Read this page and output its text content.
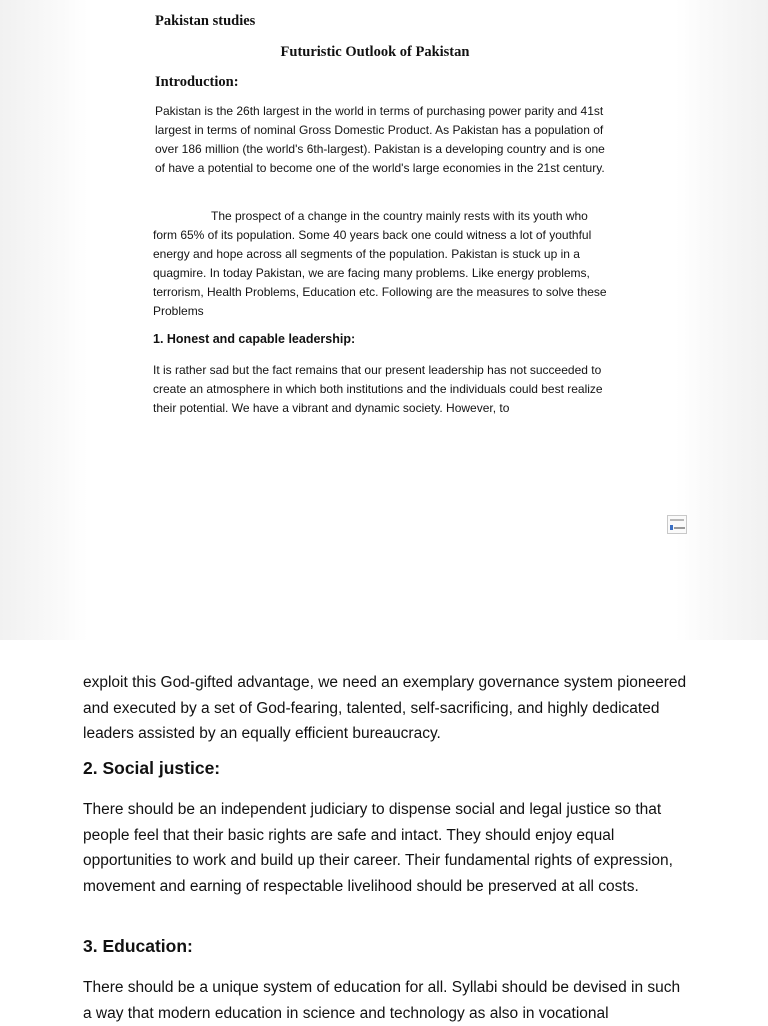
Pakistan studies

Futuristic Outlook of Pakistan
Introduction:

Pakistan is the 26th largest in the world in terms of purchasing power parity and 41st largest in terms of nominal Gross Domestic Product. As Pakistan has a population of over 186 million (the world's 6th-largest). Pakistan is a developing country and is one of have a potential to become one of the world's large economies in the 21st century.

The prospect of a change in the country mainly rests with its youth who form 65% of its population. Some 40 years back one could witness a lot of youthful energy and hope across all segments of the population. Pakistan is stuck up in a quagmire. In today Pakistan, we are facing many problems. Like energy problems, terrorism, Health Problems, Education etc. Following are the measures to solve these Problems

1. Honest and capable leadership:

It is rather sad but the fact remains that our present leadership has not succeeded to create an atmosphere in which both institutions and the individuals could best realize their potential. We have a vibrant and dynamic society. However, to

exploit this God-gifted advantage, we need an exemplary governance system pioneered and executed by a set of God-fearing, talented, self-sacrificing, and highly dedicated leaders assisted by an equally efficient bureaucracy.

2. Social justice:

There should be an independent judiciary to dispense social and legal justice so that people feel that their basic rights are safe and intact. They should enjoy equal opportunities to work and build up their career. Their fundamental rights of expression, movement and earning of respectable livelihood should be preserved at all costs.

3. Education:

There should be a unique system of education for all. Syllabi should be devised in such a way that modern education in science and technology as also in vocational
